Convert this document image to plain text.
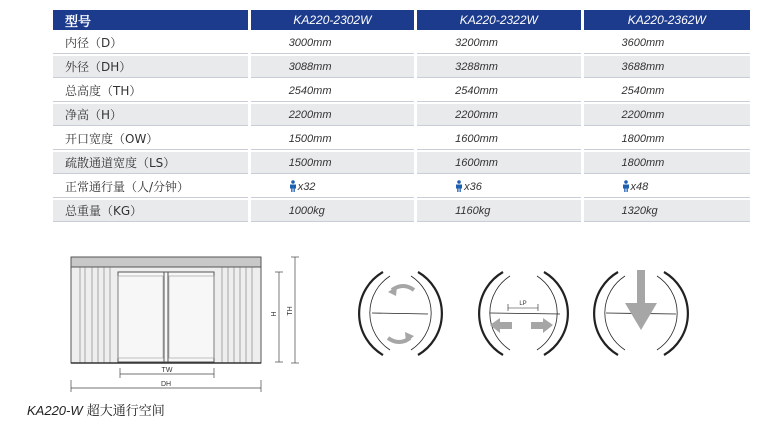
型号	KA220-2302W	KA220-2322W	KA220-2362W
内径（D）	3000mm	3200mm	3600mm
外径（DH）	3088mm	3288mm	3688mm
总高度（TH）	2540mm	2540mm	2540mm
净高（H）	2200mm	2200mm	2200mm
开口宽度（OW）	1500mm	1600mm	1800mm
疏散通道宽度（LS）	1500mm	1600mm	1800mm
正常通行量（人/分钟）	x32	x36	x48
总重量（KG）	1000kg	1160kg	1320kg
TW
DH
H TH
LP
KA220-W 超大通行空间
